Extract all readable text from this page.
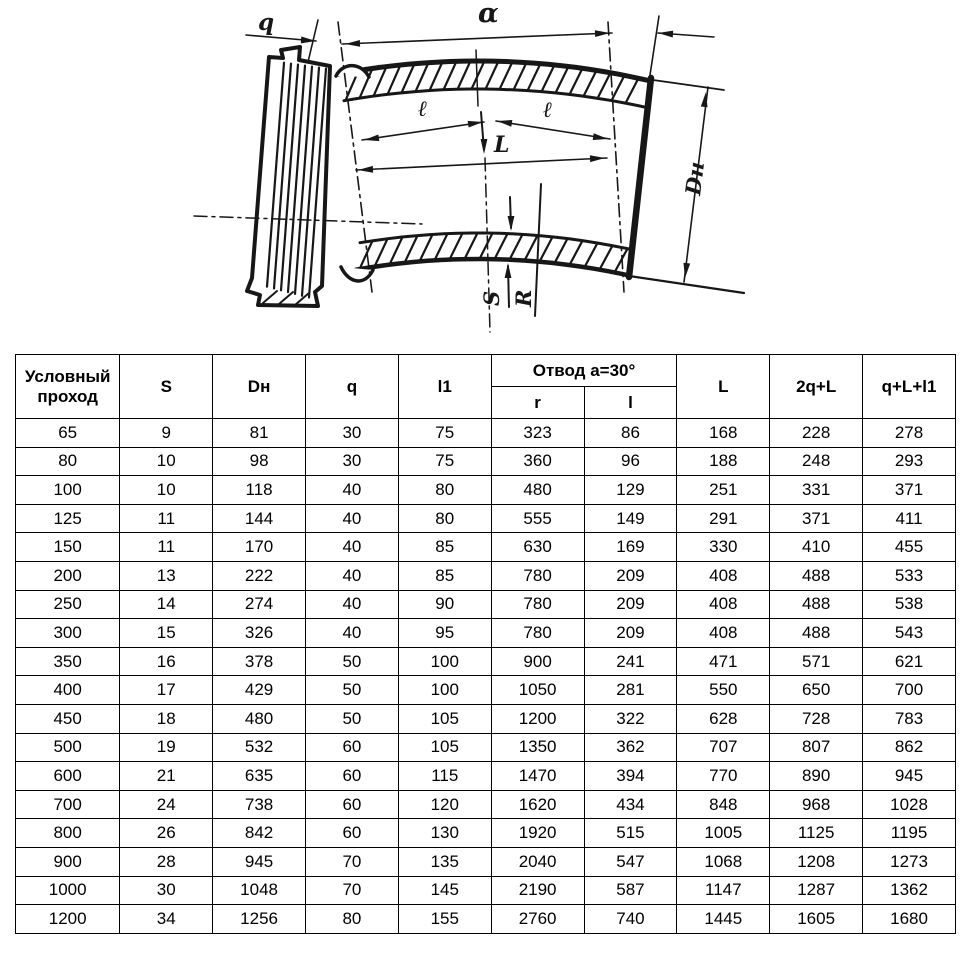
q	α
ℓ	ℓ
L
Dн
S R
Условный проход	S	Dн	q	l1	Отвод a=30°		L	2q+L	q+L+l1
					r	l			
65	9	81	30	75	323	86	168	228	278
80	10	98	30	75	360	96	188	248	293
100	10	118	40	80	480	129	251	331	371
125	11	144	40	80	555	149	291	371	411
150	11	170	40	85	630	169	330	410	455
200	13	222	40	85	780	209	408	488	533
250	14	274	40	90	780	209	408	488	538
300	15	326	40	95	780	209	408	488	543
350	16	378	50	100	900	241	471	571	621
400	17	429	50	100	1050	281	550	650	700
450	18	480	50	105	1200	322	628	728	783
500	19	532	60	105	1350	362	707	807	862
600	21	635	60	115	1470	394	770	890	945
700	24	738	60	120	1620	434	848	968	1028
800	26	842	60	130	1920	515	1005	1125	1195
900	28	945	70	135	2040	547	1068	1208	1273
1000	30	1048	70	145	2190	587	1147	1287	1362
1200	34	1256	80	155	2760	740	1445	1605	1680
